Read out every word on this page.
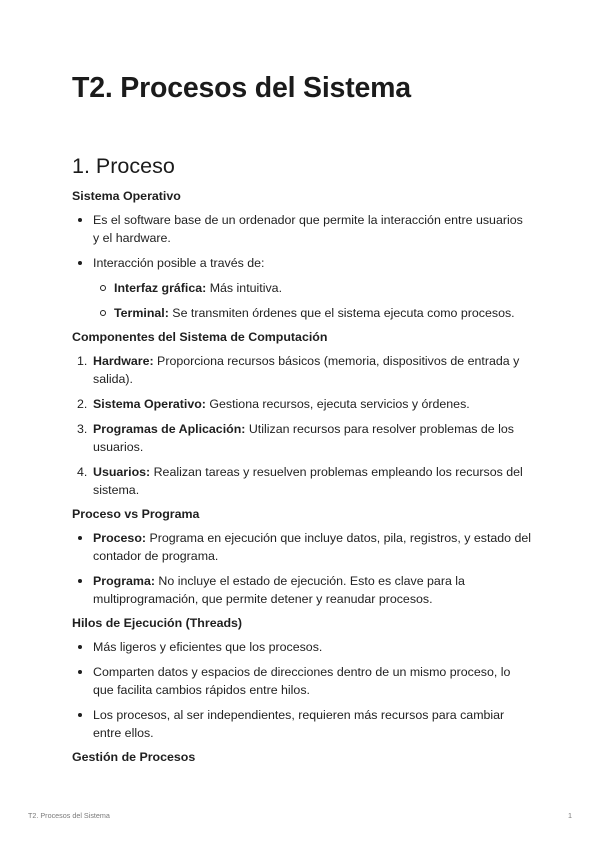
T2. Procesos del Sistema
1. Proceso
Sistema Operativo
Es el software base de un ordenador que permite la interacción entre usuarios y el hardware.
Interacción posible a través de:
Interfaz gráfica: Más intuitiva.
Terminal: Se transmiten órdenes que el sistema ejecuta como procesos.
Componentes del Sistema de Computación
1. Hardware: Proporciona recursos básicos (memoria, dispositivos de entrada y salida).
2. Sistema Operativo: Gestiona recursos, ejecuta servicios y órdenes.
3. Programas de Aplicación: Utilizan recursos para resolver problemas de los usuarios.
4. Usuarios: Realizan tareas y resuelven problemas empleando los recursos del sistema.
Proceso vs Programa
Proceso: Programa en ejecución que incluye datos, pila, registros, y estado del contador de programa.
Programa: No incluye el estado de ejecución. Esto es clave para la multiprogramación, que permite detener y reanudar procesos.
Hilos de Ejecución (Threads)
Más ligeros y eficientes que los procesos.
Comparten datos y espacios de direcciones dentro de un mismo proceso, lo que facilita cambios rápidos entre hilos.
Los procesos, al ser independientes, requieren más recursos para cambiar entre ellos.
Gestión de Procesos
T2. Procesos del Sistema	1
